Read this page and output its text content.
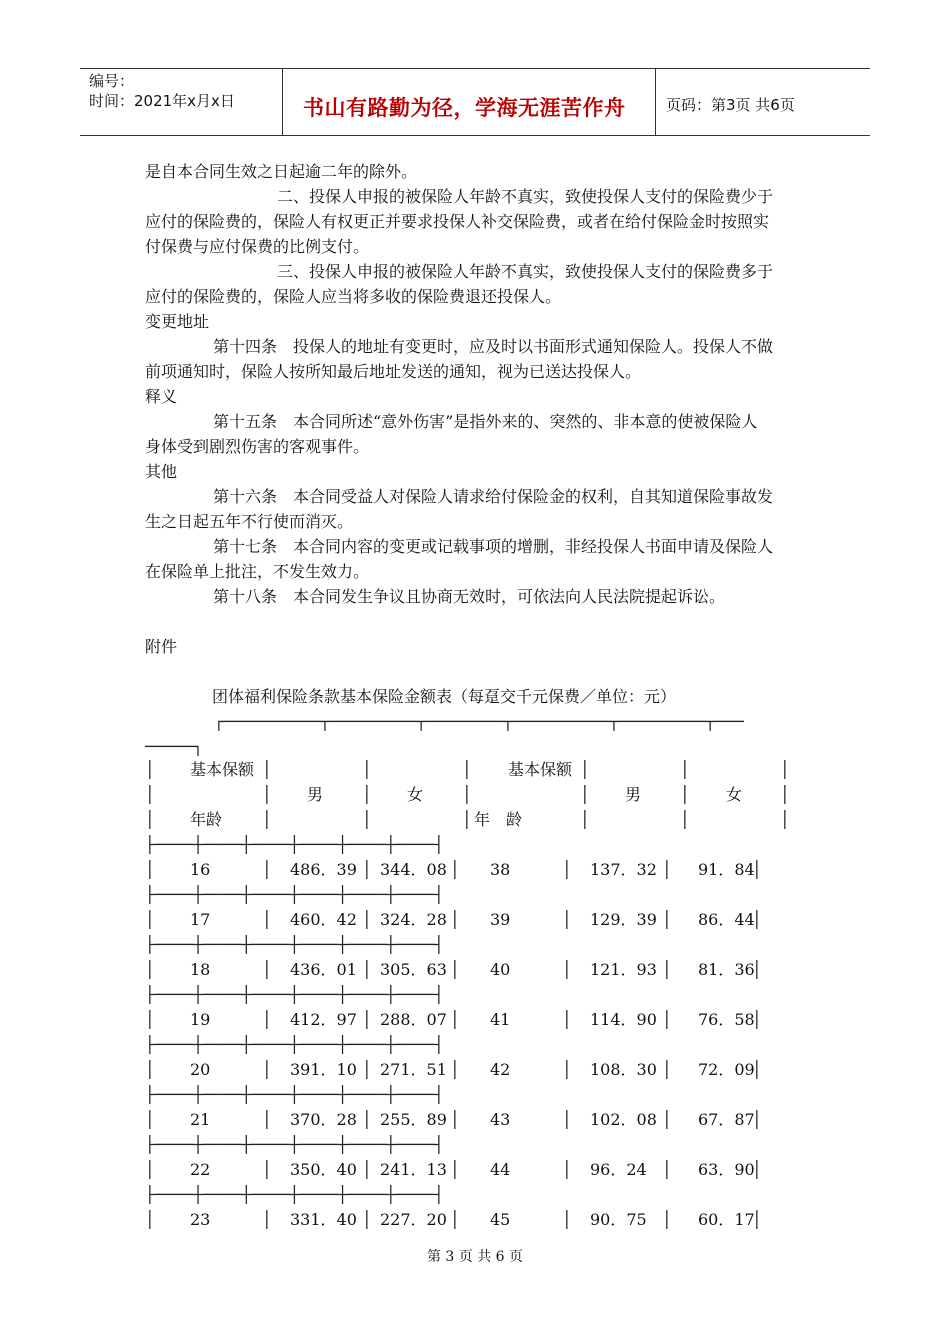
编号：
时间：2021年x月x日	书山有路勤为径，学海无涯苦作舟	页码：第3页 共6页
是自本合同生效之日起逾二年的除外。
二、投保人申报的被保险人年龄不真实，致使投保人支付的保险费少于
应付的保险费的，保险人有权更正并要求投保人补交保险费，或者在给付保险金时按照实
付保费与应付保费的比例支付。
三、投保人申报的被保险人年龄不真实，致使投保人支付的保险费多于
应付的保险费的，保险人应当将多收的保险费退还投保人。
变更地址
第十四条　投保人的地址有变更时，应及时以书面形式通知保险人。投保人不做
前项通知时，保险人按所知最后地址发送的通知，视为已送达投保人。
释义
第十五条　本合同所述“意外伤害”是指外来的、突然的、非本意的使被保险人
身体受到剧烈伤害的客观事件。
其他
第十六条　本合同受益人对保险人请求给付保险金的权利，自其知道保险事故发
生之日起五年不行使而消灭。
第十七条　本合同内容的变更或记载事项的增删，非经投保人书面申请及保险人
在保险单上批注，不发生效力。
第十八条　本合同发生争议且协商无效时，可依法向人民法院提起诉讼。
附件
团体福利保险条款基本保险金额表（每趸交千元保费／单位：元）
┌──────────┬─────────┬────────┬──────────┬─────────┬───
─────┐
│	│	│	│	│	│	│
基本保额	基本保额
│	│	│	│	│	│	│
男	女	男	女
│	│	│	│	│	│	│
年龄	年　龄
├────┼────┼────┼────┼────┼────┤
│	│	│	│	│	│	│
16	486．39 344．08	38	137．32	91．84
├────┼────┼────┼────┼────┼────┤
│	│	│	│	│	│	│
17	460．42 324．28	39	129．39	86．44
├────┼────┼────┼────┼────┼────┤
│	│	│	│	│	│	│
18	436．01 305．63	40	121．93	81．36
├────┼────┼────┼────┼────┼────┤
│	│	│	│	│	│	│
19	412．97 288．07	41	114．90	76．58
├────┼────┼────┼────┼────┼────┤
│	│	│	│	│	│	│
20	391．10 271．51	42	108．30	72．09
├────┼────┼────┼────┼────┼────┤
│	│	│	│	│	│	│
21	370．28 255．89	43	102．08	67．87
├────┼────┼────┼────┼────┼────┤
│	│	│	│	│	│	│
22	350．40 241．13	44	96．24	63．90
├────┼────┼────┼────┼────┼────┤
│	│	│	│	│	│	│
23	331．40 227．20	45	90．75	60．17
第 3 页 共 6 页
